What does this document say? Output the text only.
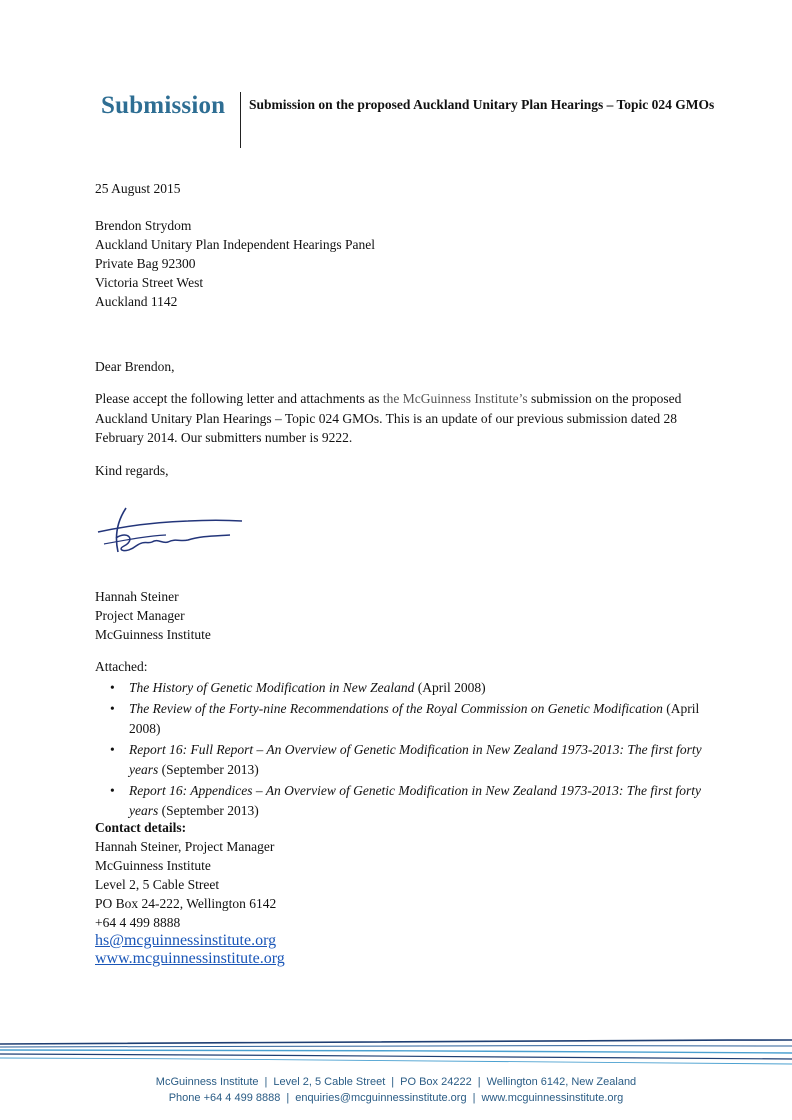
Submission Submission on the proposed Auckland Unitary Plan Hearings – Topic 024 GMOs
25 August 2015
Brendon Strydom
Auckland Unitary Plan Independent Hearings Panel
Private Bag 92300
Victoria Street West
Auckland 1142
Dear Brendon,
Please accept the following letter and attachments as the McGuinness Institute’s submission on the proposed Auckland Unitary Plan Hearings – Topic 024 GMOs. This is an update of our previous submission dated 28 February 2014. Our submitters number is 9222.
Kind regards,
Hannah Steiner
Project Manager
McGuinness Institute
Attached:
• The History of Genetic Modification in New Zealand (April 2008)
• The Review of the Forty-nine Recommendations of the Royal Commission on Genetic Modification (April 2008)
• Report 16: Full Report – An Overview of Genetic Modification in New Zealand 1973-2013: The first forty years (September 2013)
• Report 16: Appendices – An Overview of Genetic Modification in New Zealand 1973-2013: The first forty years (September 2013)
Contact details:
Hannah Steiner, Project Manager
McGuinness Institute
Level 2, 5 Cable Street
PO Box 24-222, Wellington 6142
+64 4 499 8888
hs@mcguinnessinstitute.org
www.mcguinnessinstitute.org
McGuinness Institute | Level 2, 5 Cable Street | PO Box 24222 | Wellington 6142, New Zealand
Phone +64 4 499 8888 | enquiries@mcguinnessinstitute.org | www.mcguinnessinstitute.org
